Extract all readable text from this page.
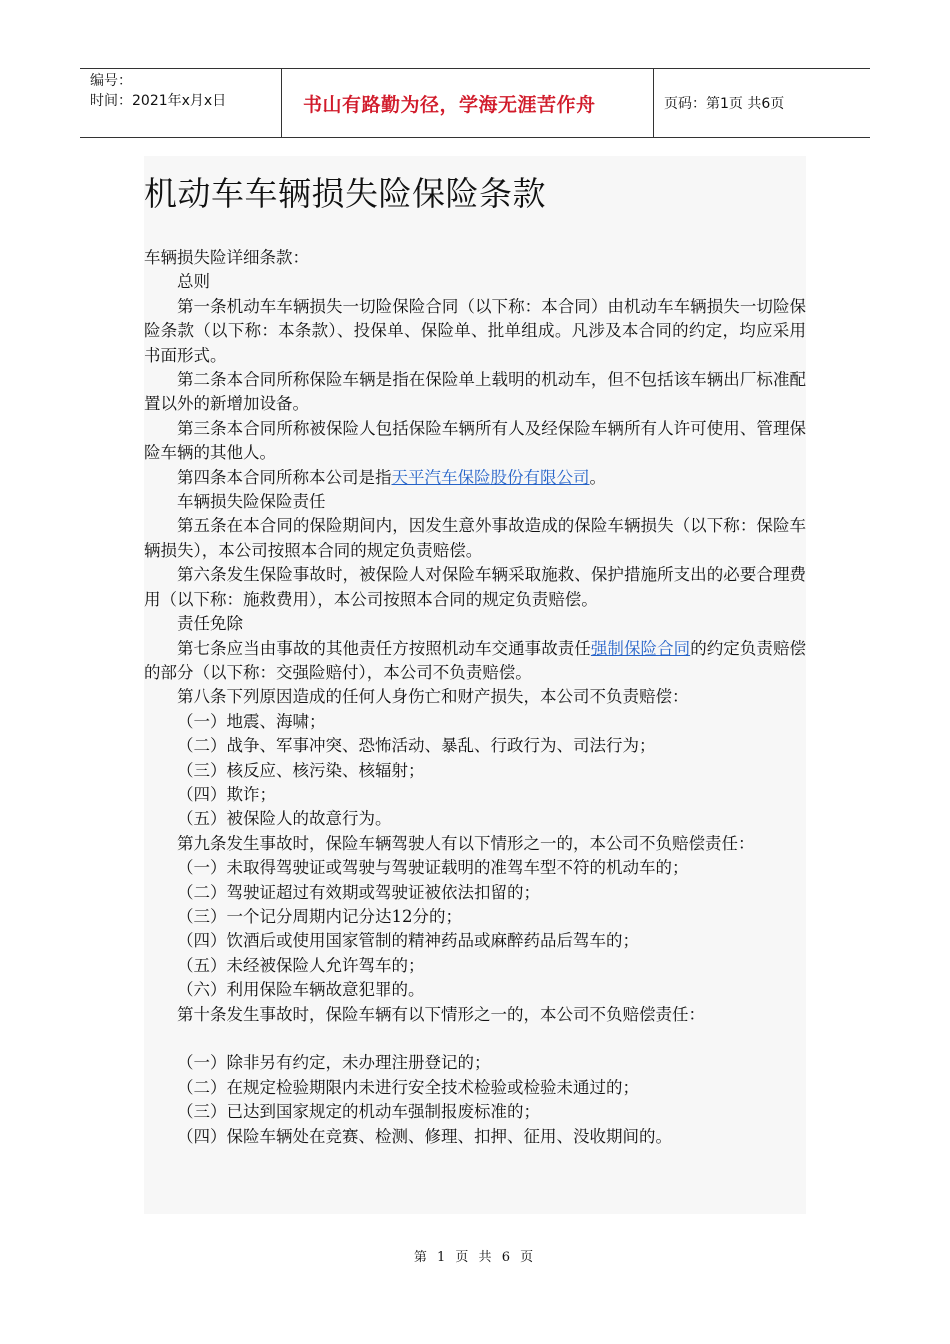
编号：
时间：2021年x月x日	书山有路勤为径，学海无涯苦作舟	页码：第1页 共6页
机动车车辆损失险保险条款

车辆损失险详细条款：

总则

第一条机动车车辆损失一切险保险合同（以下称：本合同）由机动车车辆损失一切险保险条款（以下称：本条款）、投保单、保险单、批单组成。凡涉及本合同的约定，均应采用书面形式。

第二条本合同所称保险车辆是指在保险单上载明的机动车，但不包括该车辆出厂标准配置以外的新增加设备。

第三条本合同所称被保险人包括保险车辆所有人及经保险车辆所有人许可使用、管理保险车辆的其他人。

第四条本合同所称本公司是指天平汽车保险股份有限公司。

车辆损失险保险责任

第五条在本合同的保险期间内，因发生意外事故造成的保险车辆损失（以下称：保险车辆损失），本公司按照本合同的规定负责赔偿。

第六条发生保险事故时，被保险人对保险车辆采取施救、保护措施所支出的必要合理费用（以下称：施救费用），本公司按照本合同的规定负责赔偿。

责任免除

第七条应当由事故的其他责任方按照机动车交通事故责任强制保险合同的约定负责赔偿的部分（以下称：交强险赔付），本公司不负责赔偿。

第八条下列原因造成的任何人身伤亡和财产损失，本公司不负责赔偿：

（一）地震、海啸；

（二）战争、军事冲突、恐怖活动、暴乱、行政行为、司法行为；

（三）核反应、核污染、核辐射；

（四）欺诈；

（五）被保险人的故意行为。

第九条发生事故时，保险车辆驾驶人有以下情形之一的，本公司不负赔偿责任：

（一）未取得驾驶证或驾驶与驾驶证载明的准驾车型不符的机动车的；

（二）驾驶证超过有效期或驾驶证被依法扣留的；

（三）一个记分周期内记分达12分的；

（四）饮酒后或使用国家管制的精神药品或麻醉药品后驾车的；

（五）未经被保险人允许驾车的；

（六）利用保险车辆故意犯罪的。

第十条发生事故时，保险车辆有以下情形之一的，本公司不负赔偿责任：

（一）除非另有约定，未办理注册登记的；

（二）在规定检验期限内未进行安全技术检验或检验未通过的；

（三）已达到国家规定的机动车强制报废标准的；

（四）保险车辆处在竞赛、检测、修理、扣押、征用、没收期间的。

第 1 页 共 6 页
